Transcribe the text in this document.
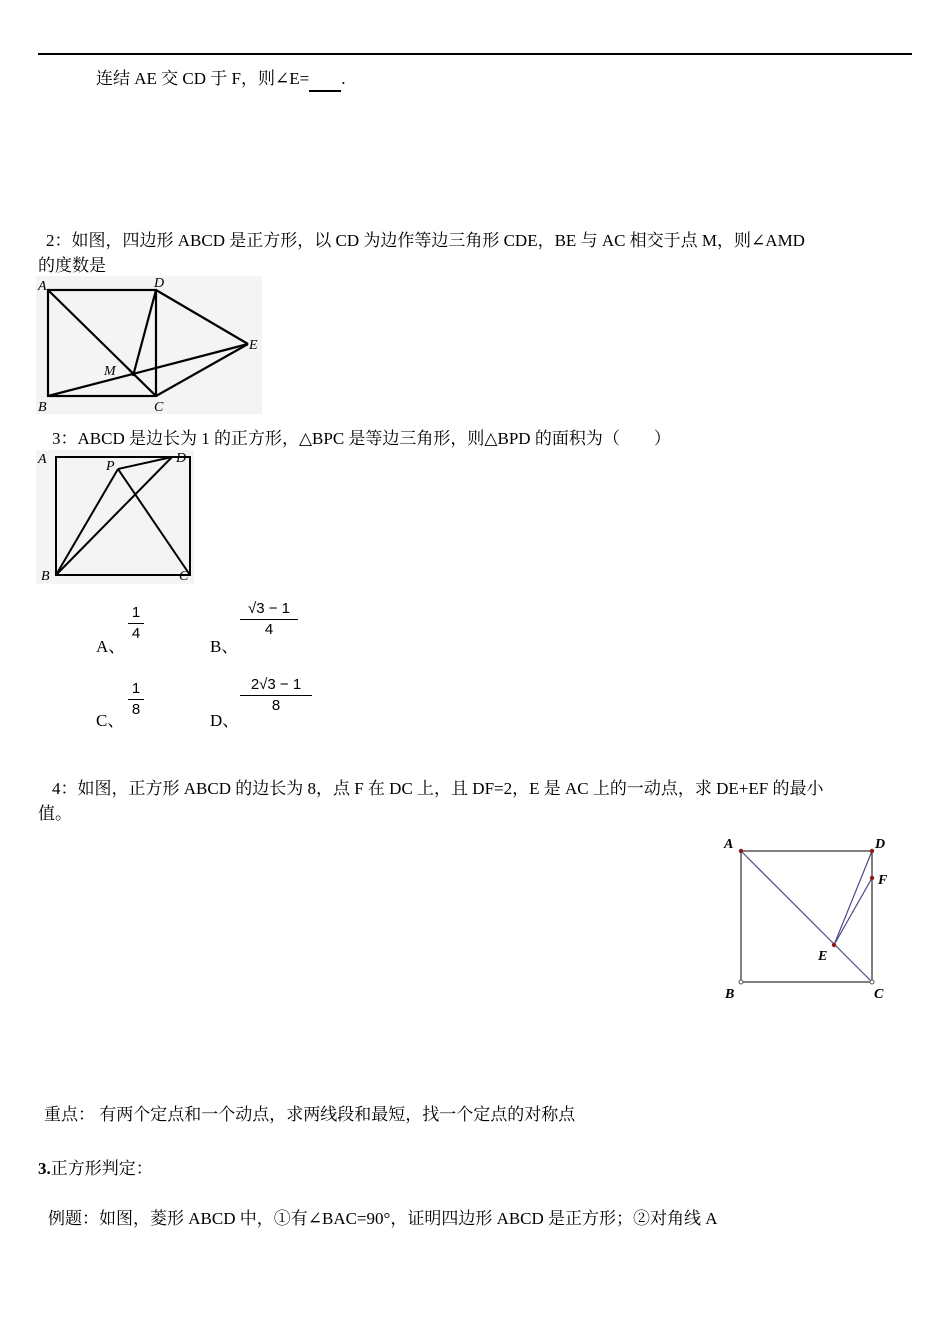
连结 AE 交 CD 于 F，则∠E= .
2：如图，四边形 ABCD 是正方形，以 CD 为边作等边三角形 CDE，BE 与 AC 相交于点 M，则∠AMD
的度数是
A	D
E
M
B	C
3：ABCD 是边长为 1 的正方形，△BPC 是等边三角形，则△BPD 的面积为（　　）
A	P
D
B	C
A、
1
4
B、
√3 − 1
4
C、
1
8
D、
2√3 − 1
8
4：如图，正方形 ABCD 的边长为 8，点 F 在 DC 上，且 DF=2，E 是 AC 上的一动点，求 DE+EF 的最小
值。
A	D
F
E
B	C
重点： 有两个定点和一个动点，求两线段和最短，找一个定点的对称点
3.正方形判定：
例题：如图，菱形 ABCD 中，①有∠BAC=90°，证明四边形 ABCD 是正方形；②对角线 A
